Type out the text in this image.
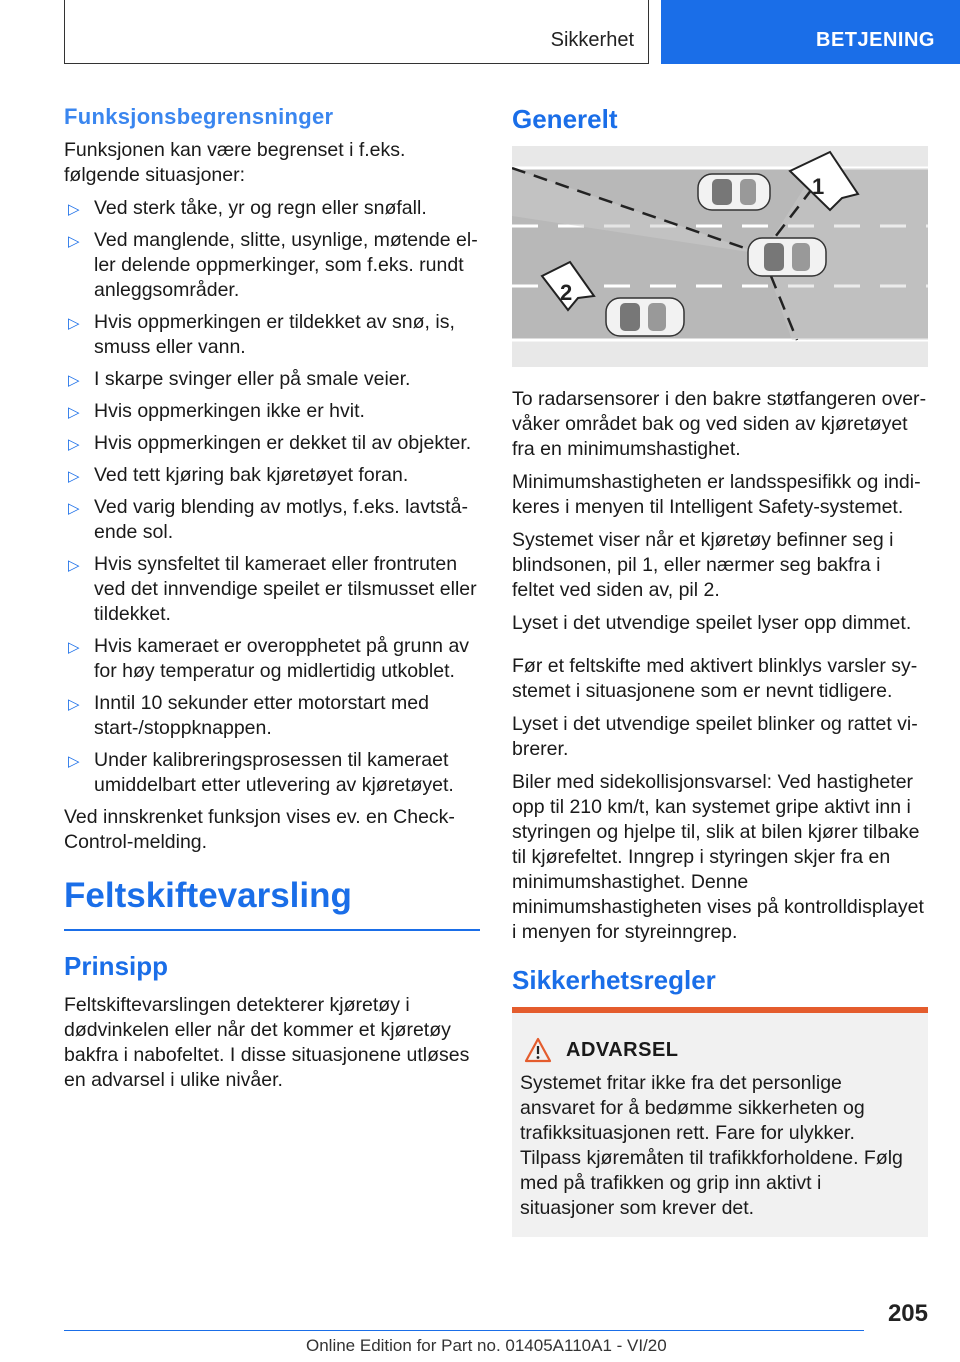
Sikkerhet	BETJENING
Funksjonsbegrensninger

Funksjonen kan være begrenset i f.eks. følgende situasjoner:

▷ Ved sterk tåke, yr og regn eller snøfall.
▷ Ved manglende, slitte, usynlige, møtende eller delende oppmerkinger, som f.eks. rundt anleggsområder.
▷ Hvis oppmerkingen er tildekket av snø, is, smuss eller vann.
▷ I skarpe svinger eller på smale veier.
▷ Hvis oppmerkingen ikke er hvit.
▷ Hvis oppmerkingen er dekket til av objekter.
▷ Ved tett kjøring bak kjøretøyet foran.
▷ Ved varig blending av motlys, f.eks. lavtstående sol.
▷ Hvis synsfeltet til kameraet eller frontruten ved det innvendige speilet er tilsmusset eller tildekket.
▷ Hvis kameraet er overopphetet på grunn av for høy temperatur og midlertidig utkoblet.
▷ Inntil 10 sekunder etter motorstart med start-/stoppknappen.
▷ Under kalibreringsprosessen til kameraet umiddelbart etter utlevering av kjøretøyet.

Ved innskrenket funksjon vises ev. en Check-Control-melding.

Feltskiftevarsling
Prinsipp

Feltskiftevarslingen detekterer kjøretøy i dødvinkelen eller når det kommer et kjøretøy bakfra i nabofeltet. I disse situasjonene utløses en advarsel i ulike nivåer.

Generelt
1
2

To radarsensorer i den bakre støtfangeren overvåker området bak og ved siden av kjøretøyet fra en minimumshastighet.

Minimumshastigheten er landsspesifikk og indikeres i menyen til Intelligent Safety-systemet.

Systemet viser når et kjøretøy befinner seg i blindsonen, pil 1, eller nærmer seg bakfra i feltet ved siden av, pil 2.

Lyset i det utvendige speilet lyser opp dimmet.

Før et feltskifte med aktivert blinklys varsler systemet i situasjonene som er nevnt tidligere.

Lyset i det utvendige speilet blinker og rattet vibrerer.

Biler med sidekollisjonsvarsel: Ved hastigheter opp til 210 km/t, kan systemet gripe aktivt inn i styringen og hjelpe til, slik at bilen kjører tilbake til kjørefeltet. Inngrep i styringen skjer fra en minimumshastighet. Denne minimumshastigheten vises på kontrolldisplayet i menyen for styreinngrep.

Sikkerhetsregler
ADVARSEL

Systemet fritar ikke fra det personlige ansvaret for å bedømme sikkerheten og trafikksituasjonen rett. Fare for ulykker. Tilpass kjøremåten til trafikkforholdene. Følg med på trafikken og grip inn aktivt i situasjoner som krever det.

205
Online Edition for Part no. 01405A110A1 - VI/20
